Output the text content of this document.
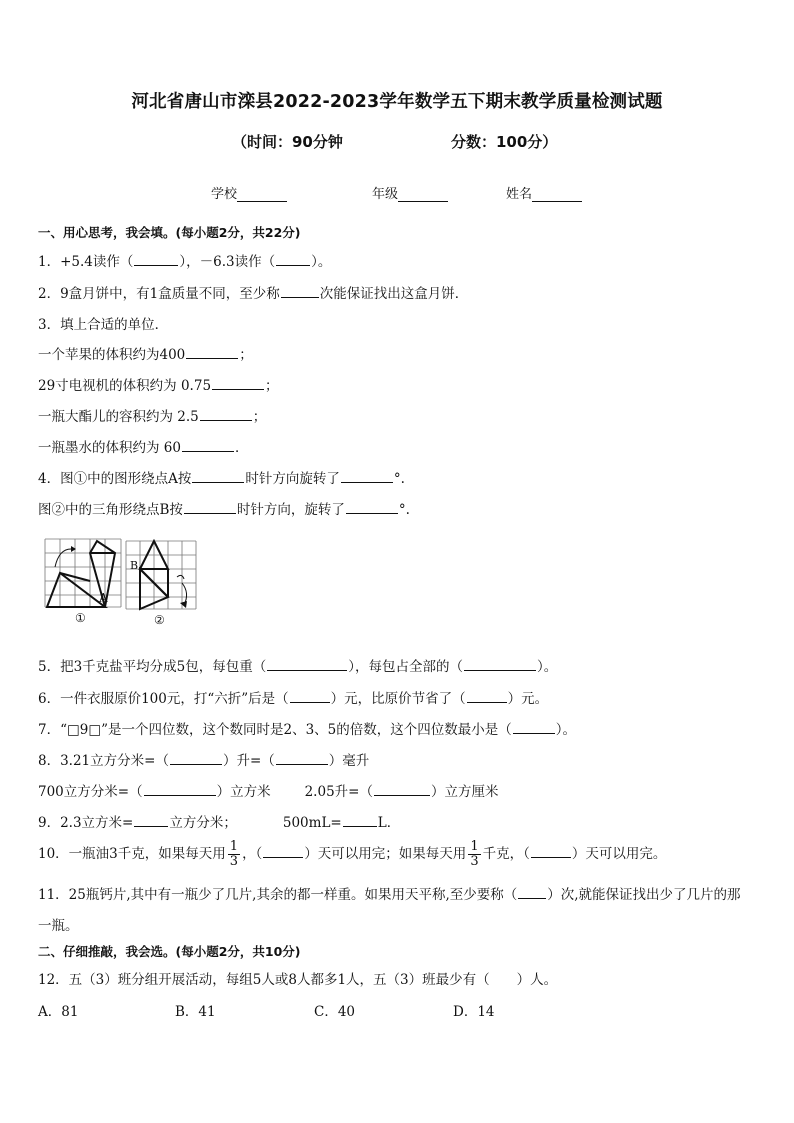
河北省唐山市滦县2022-2023学年数学五下期末教学质量检测试题
（时间：90分钟	分数：100分）
学校	年级	姓名
一、用心思考，我会填。(每小题2分，共22分)
1．+5.4读作（	），－6.3读作（	）。
2．9盒月饼中，有1盒质量不同，至少称	次能保证找出这盒月饼．
3．填上合适的单位．
一个苹果的体积约为400	；
29寸电视机的体积约为 0.75	；
一瓶大酯儿的容积约为 2.5	；
一瓶墨水的体积约为 60	．
4．图①中的图形绕点A按	时针方向旋转了	°.
图②中的三角形绕点B按	时针方向，旋转了	°.
A
①
B
②
5．把3千克盐平均分成5包，每包重（	），每包占全部的（	）。
6．一件衣服原价100元，打“六折”后是（	）元，比原价节省了（	）元。
7．“□9□”是一个四位数，这个数同时是2、3、5的倍数，这个四位数最小是（	）。
8．3.21立方分米=（	）升=（	）毫升
700立方分米=（	）立方米	2.05升=（	）立方厘米
9．2.3立方米=	立方分米；	500mL=	L．
10．一瓶油3千克，如果每天用 $\frac{1}{3}$ ，（	）天可以用完；如果每天用 $\frac{1}{3}$ 千克，（	）天可以用完。
11．25瓶钙片,其中有一瓶少了几片,其余的都一样重。如果用天平称,至少要称（ ）次,就能保证找出少了几片的那
一瓶。
二、仔细推敲，我会选。(每小题2分，共10分)
12．五（3）班分组开展活动，每组5人或8人都多1人，五（3）班最少有（　　）人。
A．81	B．41	C．40	D．14
